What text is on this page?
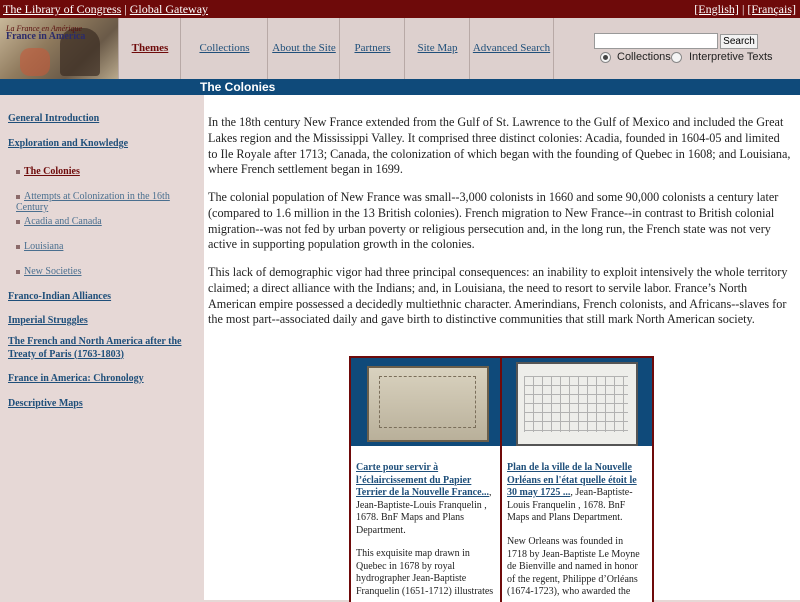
The Library of Congress | Global Gateway	[English] | [Français]
La France en Amérique
France in America
Themes	Collections	About the Site	Partners	Site Map	Advanced Search
Search
Collections Interpretive Texts
The Colonies
General Introduction
Exploration and Knowledge
The Colonies
Attempts at Colonization in the 16th Century
Acadia and Canada
Louisiana
New Societies
Franco-Indian Alliances
Imperial Struggles
The French and North America after the
Treaty of Paris (1763-1803)
France in America: Chronology
Descriptive Maps

In the 18th century New France extended from the Gulf of St. Lawrence to the Gulf of Mexico and included the Great Lakes region and the Mississippi Valley. It comprised three distinct colonies: Acadia, founded in 1604-05 and limited to Ile Royale after 1713; Canada, the colonization of which began with the founding of Quebec in 1608; and Louisiana, where French settlement began in 1699.

The colonial population of New France was small--3,000 colonists in 1660 and some 90,000 colonists a century later (compared to 1.6 million in the 13 British colonies). French migration to New France--in contrast to British colonial migration--was not fed by urban poverty or religious persecution and, in the long run, the French state was not very active in supporting population growth in the colonies.

This lack of demographic vigor had three principal consequences: an inability to exploit intensively the whole territory claimed; a direct alliance with the Indians; and, in Louisiana, the need to resort to servile labor. France’s North American empire possessed a decidedly multiethnic character. Amerindians, French colonists, and Africans--slaves for the most part--associated daily and gave birth to distinctive communities that still mark North American society.

Carte pour servir à l’éclaircissement du Papier Terrier de la Nouvelle France..., Jean-Baptiste-Louis Franquelin , 1678. BnF Maps and Plans Department.

This exquisite map drawn in Quebec in 1678 by royal hydrographer Jean-Baptiste Franquelin (1651-1712) illustrates

Plan de la ville de la Nouvelle Orléans en l'état quelle étoit le 30 may 1725 ..., Jean-Baptiste-Louis Franquelin , 1678. BnF Maps and Plans Department.

New Orleans was founded in 1718 by Jean-Baptiste Le Moyne de Bienville and named in honor of the regent, Philippe d’Orléans (1674-1723), who awarded the
